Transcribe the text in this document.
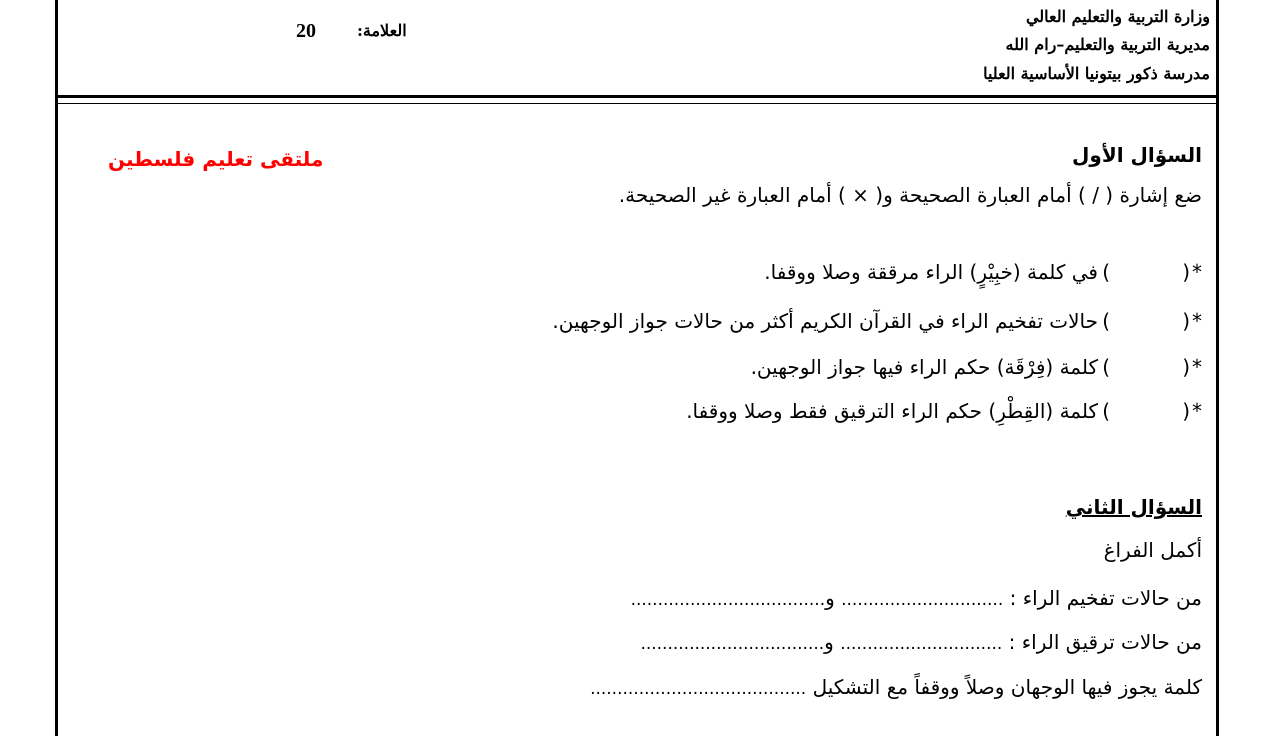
وزارة التربية والتعليم العالي
مديرية التربية والتعليم–رام الله
مدرسة ذكور بيتونيا الأساسية العليا
العلامة:
20
ملتقى تعليم فلسطين	السؤال الأول
ضع إشارة ( / ) أمام العبارة الصحيحة و( × ) أمام العبارة غير الصحيحة.
*
(
)
في كلمة (خبِيْرٍ) الراء مرققة وصلا ووقفا.
*
(
)
حالات تفخيم الراء في القرآن الكريم أكثر من حالات جواز الوجهين.
*
(
)
كلمة (فِرْقَة) حكم الراء فيها جواز الوجهين.
*
(
)
كلمة (القِطْرِ) حكم الراء الترقيق فقط وصلا ووقفا.
السؤال الثاني
أكمل الفراغ
من حالات تفخيم الراء : .............................. و....................................
من حالات ترقيق الراء : .............................. و..................................
كلمة يجوز فيها الوجهان وصلاً ووقفاً مع التشكيل ........................................
